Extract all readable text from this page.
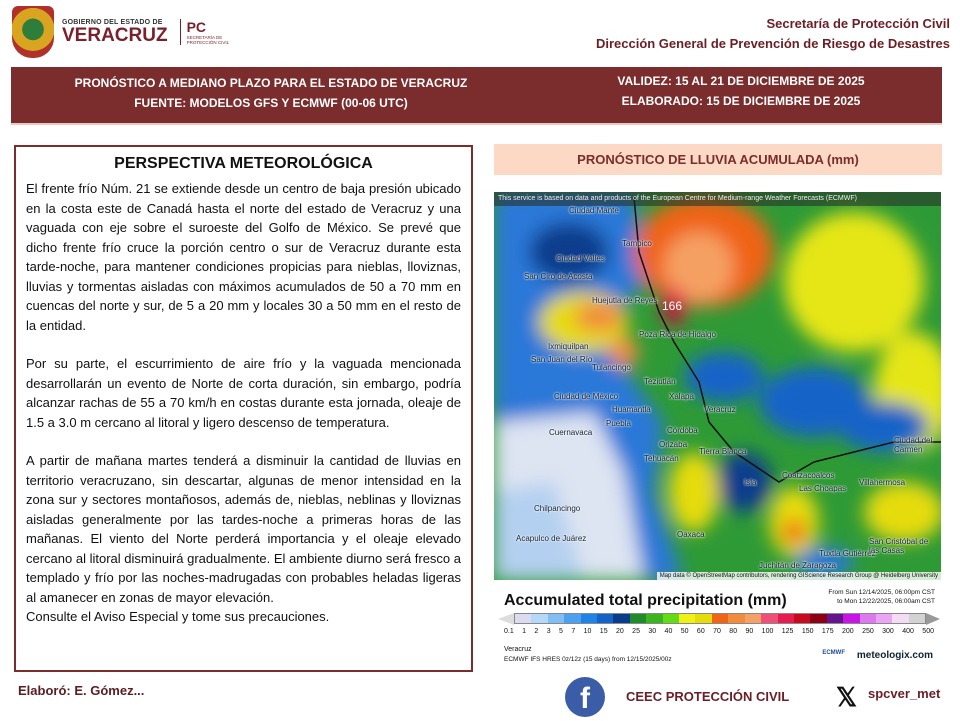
GOBIERNO DEL ESTADO DE
VERACRUZ PC
SECRETARÍA DE
PROTECCIÓN CIVIL
Secretaría de Protección Civil
Dirección General de Prevención de Riesgo de Desastres
PRONÓSTICO A MEDIANO PLAZO PARA EL ESTADO DE VERACRUZ
FUENTE: MODELOS GFS Y ECMWF (00-06 UTC)
VALIDEZ: 15 AL 21 DE DICIEMBRE DE 2025
ELABORADO: 15 DE DICIEMBRE DE 2025
PERSPECTIVA METEOROLÓGICA

El frente frío Núm. 21 se extiende desde un centro de baja presión ubicado en la costa este de Canadá hasta el norte del estado de Veracruz y una vaguada con eje sobre el suroeste del Golfo de México. Se prevé que dicho frente frío cruce la porción centro o sur de Veracruz durante esta tarde-noche, para mantener condiciones propicias para nieblas, lloviznas, lluvias y tormentas aisladas con máximos acumulados de 50 a 70 mm en cuencas del norte y sur, de 5 a 20 mm y locales 30 a 50 mm en el resto de la entidad.

Por su parte, el escurrimiento de aire frío y la vaguada mencionada desarrollarán un evento de Norte de corta duración, sin embargo, podría alcanzar rachas de 55 a 70 km/h en costas durante esta jornada, oleaje de 1.5 a 3.0 m cercano al litoral y ligero descenso de temperatura.

A partir de mañana martes tenderá a disminuir la cantidad de lluvias en territorio veracruzano, sin descartar, algunas de menor intensidad en la zona sur y sectores montañosos, además de, nieblas, neblinas y lloviznas aisladas generalmente por las tardes-noche a primeras horas de las mañanas. El viento del Norte perderá importancia y el oleaje elevado cercano al litoral disminuirá gradualmente. El ambiente diurno será fresco a templado y frío por las noches-madrugadas con probables heladas ligeras al amanecer en zonas de mayor elevación.

Consulte el Aviso Especial y tome sus precauciones.

PRONÓSTICO DE LLUVIA ACUMULADA (mm)
This service is based on data and products of the European Centre for Medium-range Weather Forecasts (ECMWF)
166
Ciudad Mante
Tampico
Ciudad Valles
San Ciro de Acosta
Huejutla de Reyes
Poza Rica de Hidalgo
Ixmiquilpan
San Juan del Río
Tulancingo
Teziutlán
Xalapa
Ciudad de México
Huamantla	Veracruz
Puebla
Córdoba
Orizaba
Tehuacán
Tierra Blanca
Coatzacoalcos
Las Choapas
Villahermosa
Isla
Oaxaca
Chilpancingo
Acapulco de Juárez
Tuxtla Gutiérrez
San Cristóbal de las Casas
Juchitán de Zaragoza
Ciudad del Carmen
Cuernavaca
Map data © OpenStreetMap contributors, rendering GIScience Research Group @ Heidelberg University
Accumulated total precipitation (mm)	From Sun 12/14/2025, 06:00pm CST
to Mon 12/22/2025, 06:00am CST
0.1 1 2 3 5 7 10 15 20 25 30 40 50 60 70 80 90 100 125 150 175 200 250 300 400 500
Veracruz
ECMWF IFS HRES 0z/12z (15 days) from 12/15/2025/00z
ECMWF meteologix.com
Elaboró: E. Gómez...	f	CEEC PROTECCIÓN CIVIL 𝕏 spcver_met
